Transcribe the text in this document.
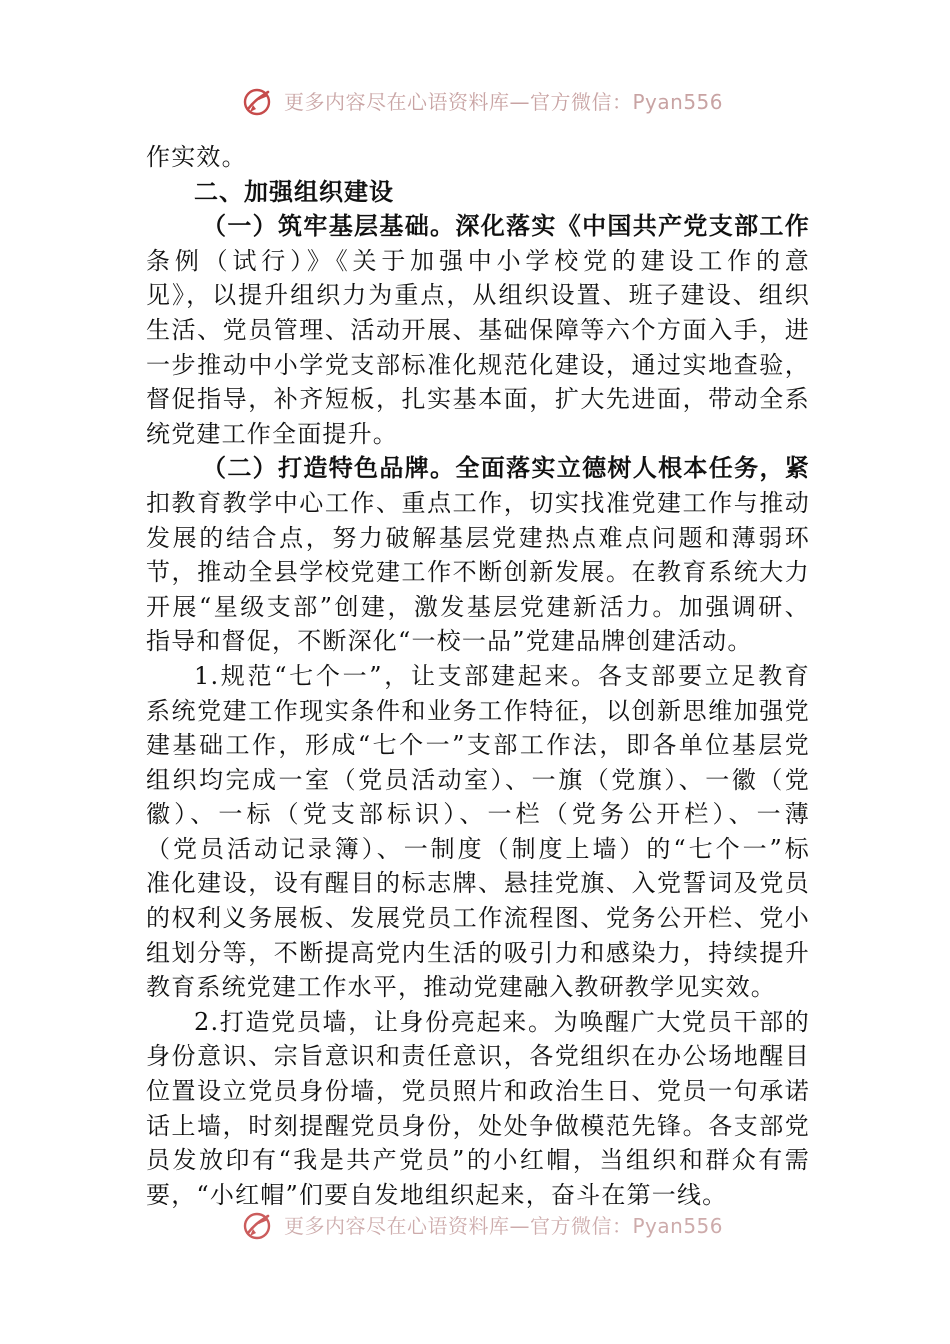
更多内容尽在心语资料库—官方微信：Pyan556
作实效。
二、加强组织建设
（一）筑牢基层基础。深化落实《中国共产党支部工作
条例（试行）》《关于加强中小学校党的建设工作的意
见》，以提升组织力为重点，从组织设置、班子建设、组织
生活、党员管理、活动开展、基础保障等六个方面入手，进
一步推动中小学党支部标准化规范化建设，通过实地查验，
督促指导，补齐短板，扎实基本面，扩大先进面，带动全系
统党建工作全面提升。
（二）打造特色品牌。全面落实立德树人根本任务，紧
扣教育教学中心工作、重点工作，切实找准党建工作与推动
发展的结合点，努力破解基层党建热点难点问题和薄弱环
节，推动全县学校党建工作不断创新发展。在教育系统大力
开展“星级支部”创建，激发基层党建新活力。加强调研、
指导和督促，不断深化“一校一品”党建品牌创建活动。
1.规范“七个一”，让支部建起来。各支部要立足教育
系统党建工作现实条件和业务工作特征，以创新思维加强党
建基础工作，形成“七个一”支部工作法，即各单位基层党
组织均完成一室（党员活动室）、一旗（党旗）、一徽（党
徽）、一标（党支部标识）、一栏（党务公开栏）、一薄
（党员活动记录簿）、一制度（制度上墙）的“七个一”标
准化建设，设有醒目的标志牌、悬挂党旗、入党誓词及党员
的权利义务展板、发展党员工作流程图、党务公开栏、党小
组划分等，不断提高党内生活的吸引力和感染力，持续提升
教育系统党建工作水平，推动党建融入教研教学见实效。
2.打造党员墙，让身份亮起来。为唤醒广大党员干部的
身份意识、宗旨意识和责任意识，各党组织在办公场地醒目
位置设立党员身份墙，党员照片和政治生日、党员一句承诺
话上墙，时刻提醒党员身份，处处争做模范先锋。各支部党
员发放印有“我是共产党员”的小红帽，当组织和群众有需
要，“小红帽”们要自发地组织起来，奋斗在第一线。
更多内容尽在心语资料库—官方微信：Pyan556
